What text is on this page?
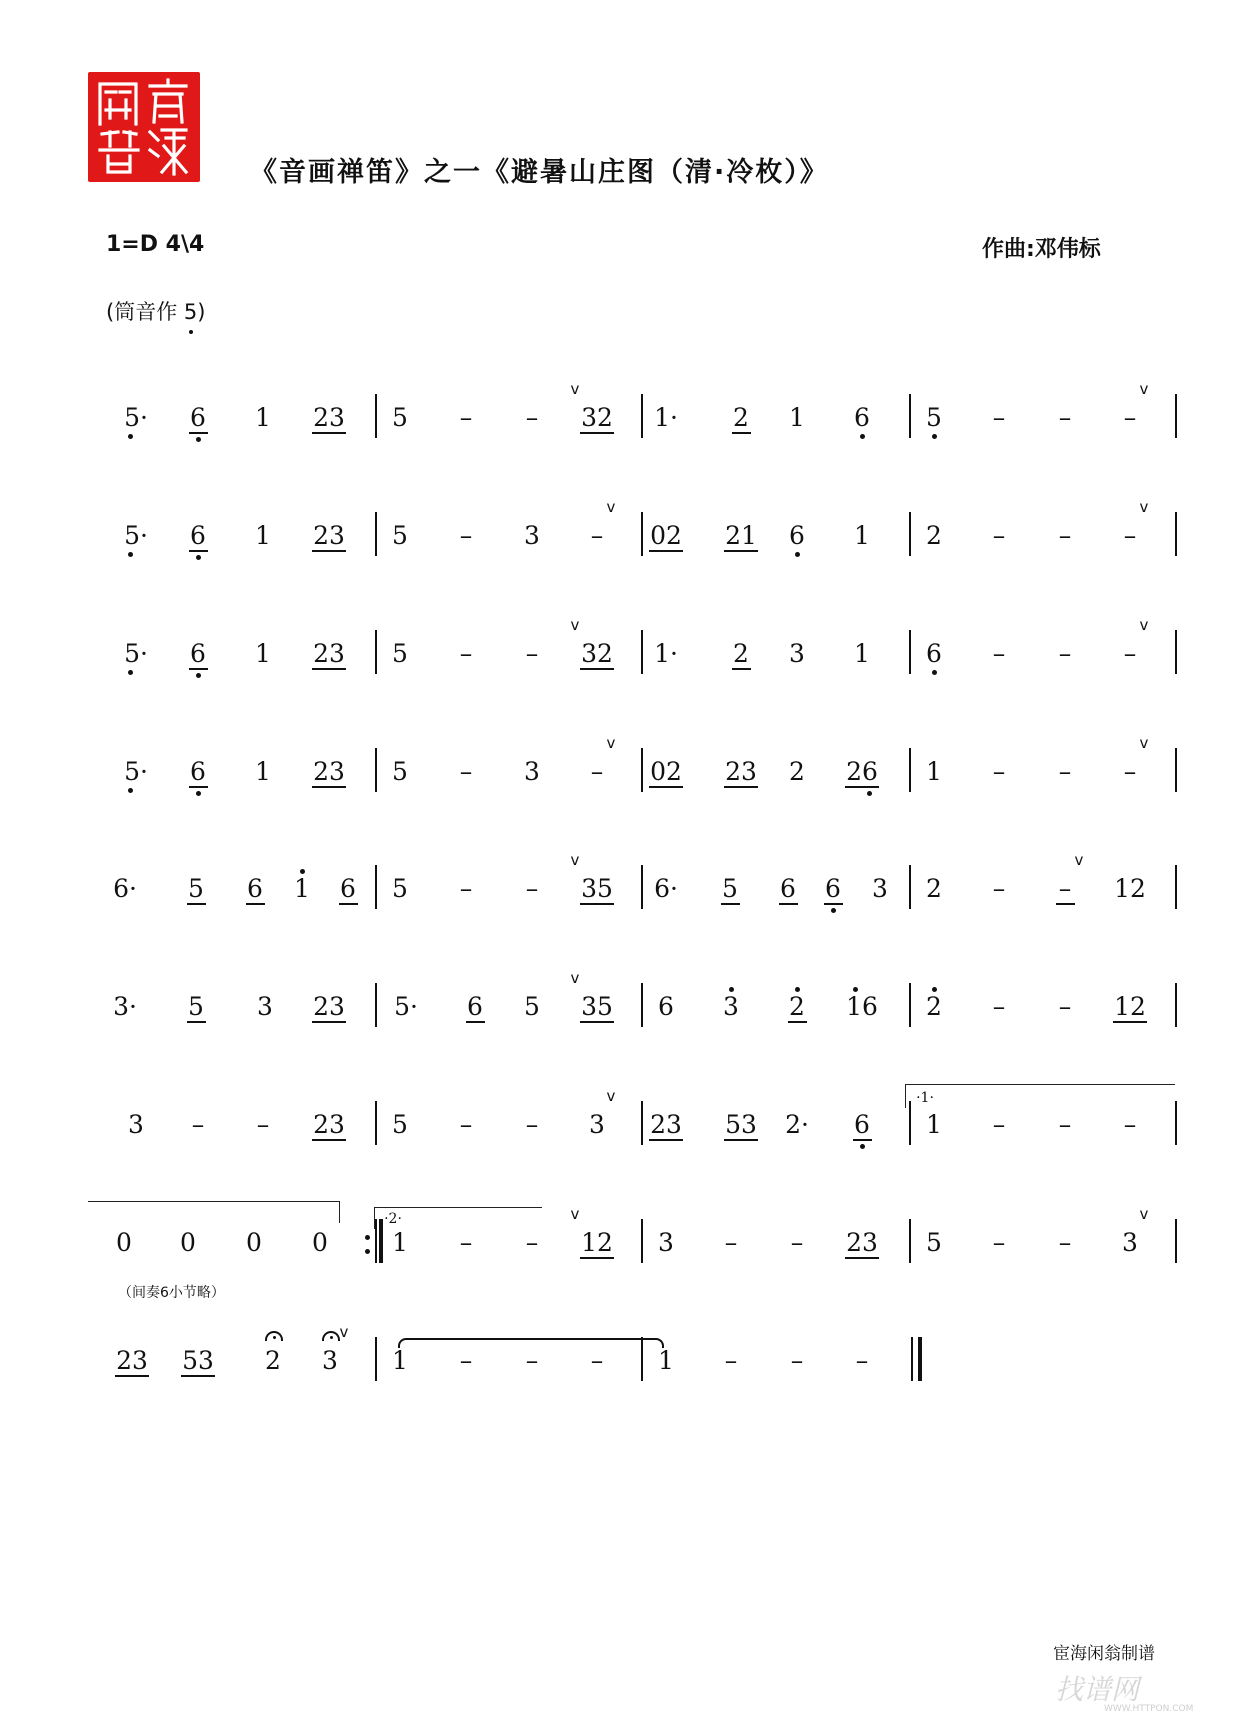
《音画禅笛》之一《避暑山庄图（清·冷枚）》
1=D 4\4	作曲:邓伟标
(筒音作 5)
5· 6 1 23 5 – – 32
v
1· 2 1 6 5 – – –
v
5· 6 1 23 5 – 3 –
v
02 21 6 1 2 – – –
v
5· 6 1 23 5 – – 32
v
1· 2 3 1 6 – – –
v
5· 6 1 23 5 – 3 –
v
02 23 2 26 1 – – –
v
6· 5 6 1 6 5 – – 35
v
6· 5 6 6 3 2 – –
v
12
3· 5 3 23 5· 6 5 35
v
6 3 2 16 2 – – 12
3 – – 23 5 – – 3
v
23 53 2· 6 1 – – –
0 0 0 0	1 – – 12
v
3 – – 23 5 – – 3
v
23 53 2 3
v
1 – – – 1 – – –
·1·
·2·
（间奏6小节略）
宦海闲翁制谱
找谱网
WWW.HTTPON.COM
